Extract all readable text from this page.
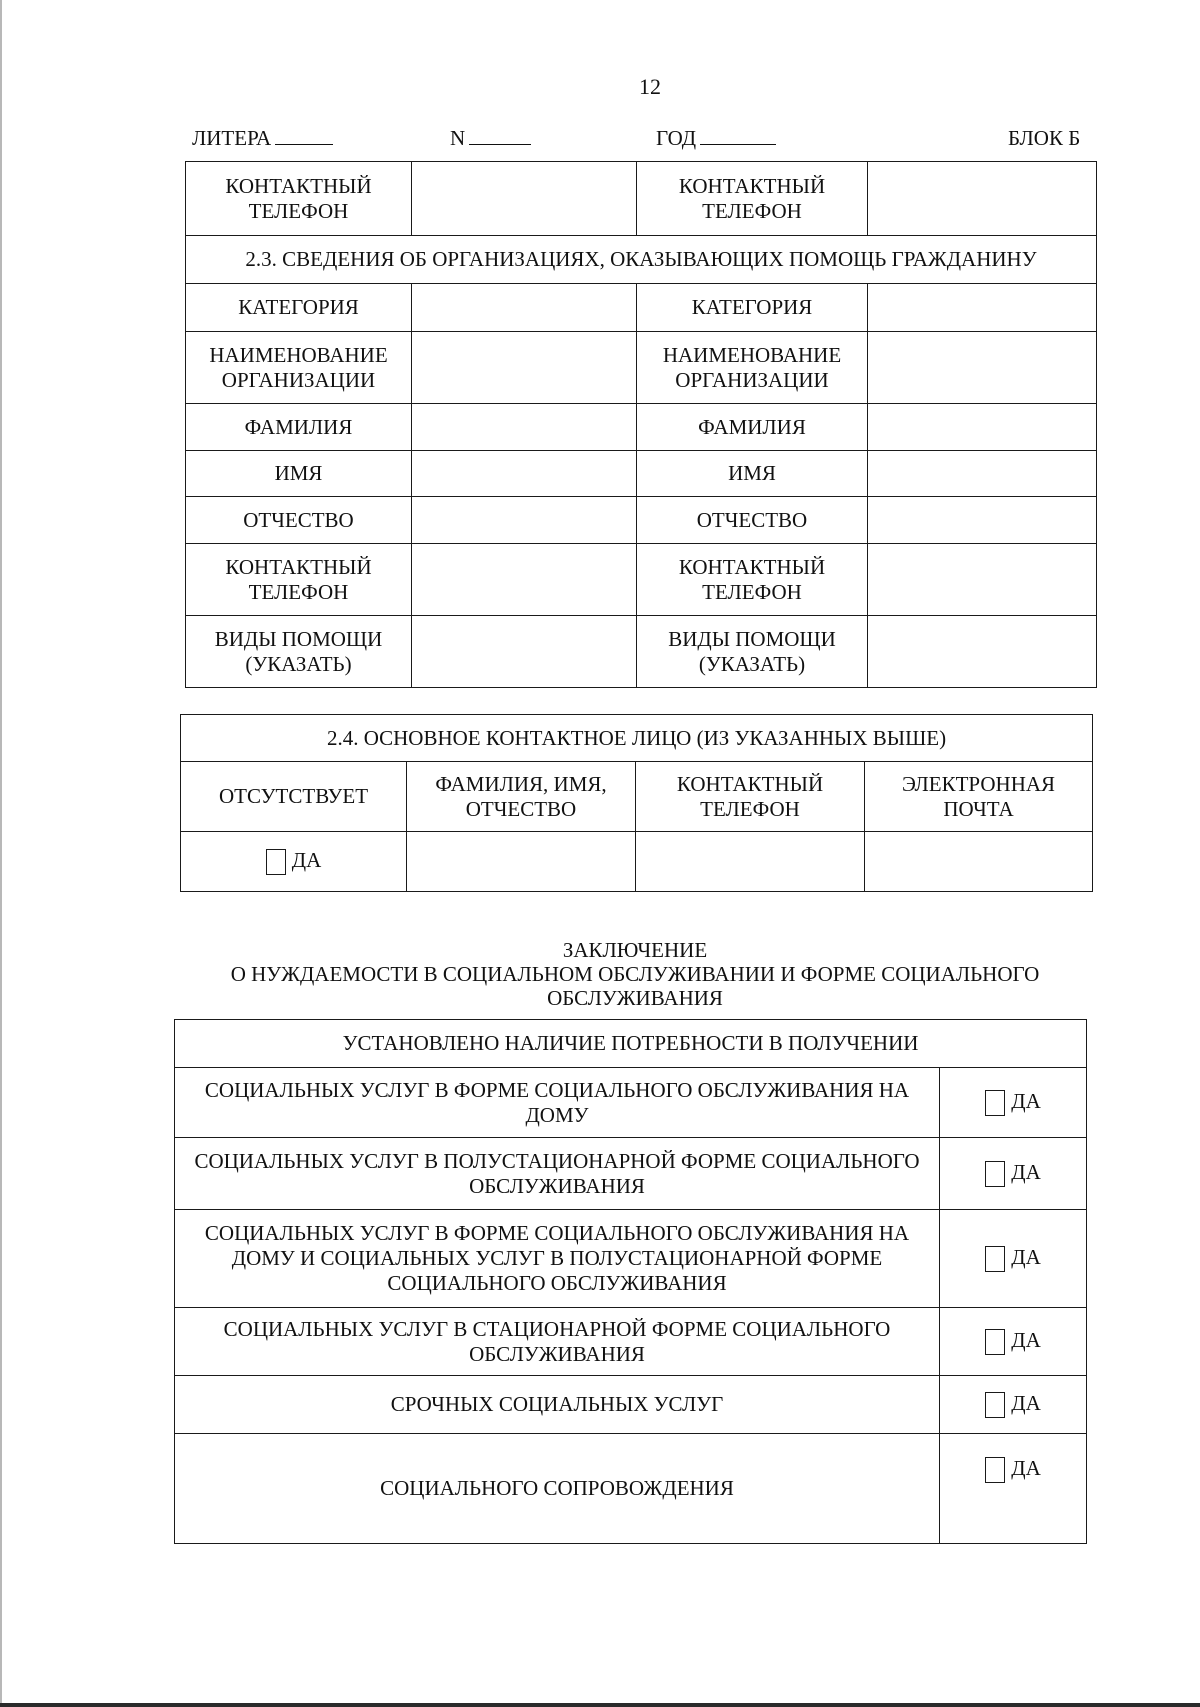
12
ЛИТЕРА	N	ГОД	БЛОК Б
КОНТАКТНЫЙ ТЕЛЕФОН		КОНТАКТНЫЙ ТЕЛЕФОН	
2.3. СВЕДЕНИЯ ОБ ОРГАНИЗАЦИЯХ, ОКАЗЫВАЮЩИХ ПОМОЩЬ ГРАЖДАНИНУ			
КАТЕГОРИЯ		КАТЕГОРИЯ	
НАИМЕНОВАНИЕ ОРГАНИЗАЦИИ		НАИМЕНОВАНИЕ ОРГАНИЗАЦИИ	
ФАМИЛИЯ		ФАМИЛИЯ	
ИМЯ		ИМЯ	
ОТЧЕСТВО		ОТЧЕСТВО	
КОНТАКТНЫЙ ТЕЛЕФОН		КОНТАКТНЫЙ ТЕЛЕФОН	
ВИДЫ ПОМОЩИ (УКАЗАТЬ)		ВИДЫ ПОМОЩИ (УКАЗАТЬ)	
2.4. ОСНОВНОЕ КОНТАКТНОЕ ЛИЦО (ИЗ УКАЗАННЫХ ВЫШЕ)			
ОТСУТСТВУЕТ	ФАМИЛИЯ, ИМЯ, ОТЧЕСТВО	КОНТАКТНЫЙ ТЕЛЕФОН	ЭЛЕКТРОННАЯ ПОЧТА
ДА			
ЗАКЛЮЧЕНИЕ
О НУЖДАЕМОСТИ В СОЦИАЛЬНОМ ОБСЛУЖИВАНИИ И ФОРМЕ СОЦИАЛЬНОГО
ОБСЛУЖИВАНИЯ
УСТАНОВЛЕНО НАЛИЧИЕ ПОТРЕБНОСТИ В ПОЛУЧЕНИИ	
СОЦИАЛЬНЫХ УСЛУГ В ФОРМЕ СОЦИАЛЬНОГО ОБСЛУЖИВАНИЯ НА ДОМУ	ДА
СОЦИАЛЬНЫХ УСЛУГ В ПОЛУСТАЦИОНАРНОЙ ФОРМЕ СОЦИАЛЬНОГО ОБСЛУЖИВАНИЯ	ДА
СОЦИАЛЬНЫХ УСЛУГ В ФОРМЕ СОЦИАЛЬНОГО ОБСЛУЖИВАНИЯ НА ДОМУ И СОЦИАЛЬНЫХ УСЛУГ В ПОЛУСТАЦИОНАРНОЙ ФОРМЕ СОЦИАЛЬНОГО ОБСЛУЖИВАНИЯ	ДА
СОЦИАЛЬНЫХ УСЛУГ В СТАЦИОНАРНОЙ ФОРМЕ СОЦИАЛЬНОГО ОБСЛУЖИВАНИЯ	ДА
СРОЧНЫХ СОЦИАЛЬНЫХ УСЛУГ	ДА
СОЦИАЛЬНОГО СОПРОВОЖДЕНИЯ	ДА
